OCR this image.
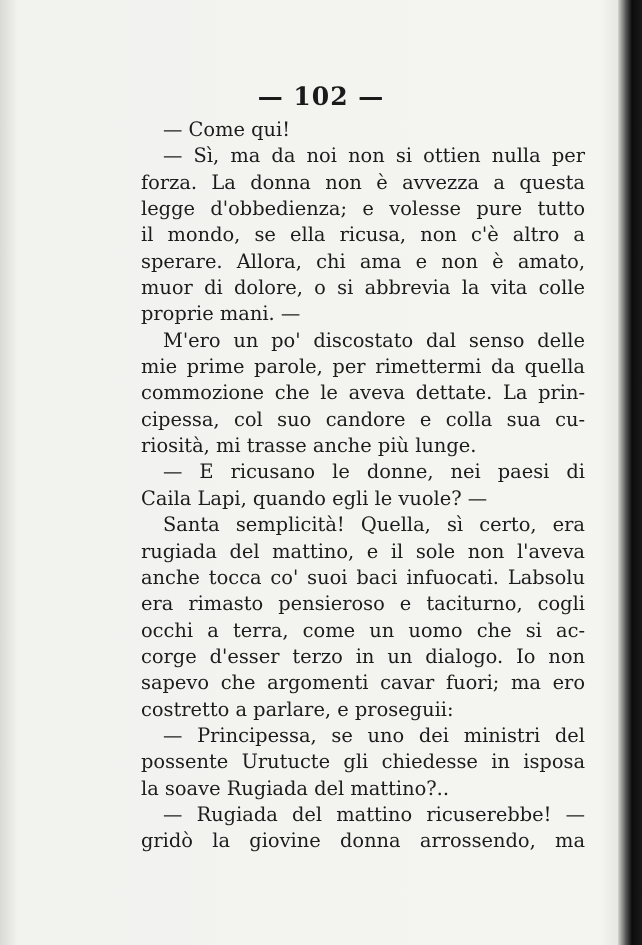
— 102 —
— Come qui!
— Sì, ma da noi non si ottien nulla per
forza. La donna non è avvezza a questa
legge d'obbedienza; e volesse pure tutto
il mondo, se ella ricusa, non c'è altro a
sperare. Allora, chi ama e non è amato,
muor di dolore, o si abbrevia la vita colle
proprie mani. —
M'ero un po' discostato dal senso delle
mie prime parole, per rimettermi da quella
commozione che le aveva dettate. La prin-
cipessa, col suo candore e colla sua cu-
riosità, mi trasse anche più lunge.
— E ricusano le donne, nei paesi di
Caila Lapi, quando egli le vuole? —
Santa semplicità! Quella, sì certo, era
rugiada del mattino, e il sole non l'aveva
anche tocca co' suoi baci infuocati. Labsolu
era rimasto pensieroso e taciturno, cogli
occhi a terra, come un uomo che si ac-
corge d'esser terzo in un dialogo. Io non
sapevo che argomenti cavar fuori; ma ero
costretto a parlare, e proseguii:
— Principessa, se uno dei ministri del
possente Urutucte gli chiedesse in isposa
la soave Rugiada del mattino?..
— Rugiada del mattino ricuserebbe! —
gridò la giovine donna arrossendo, ma
